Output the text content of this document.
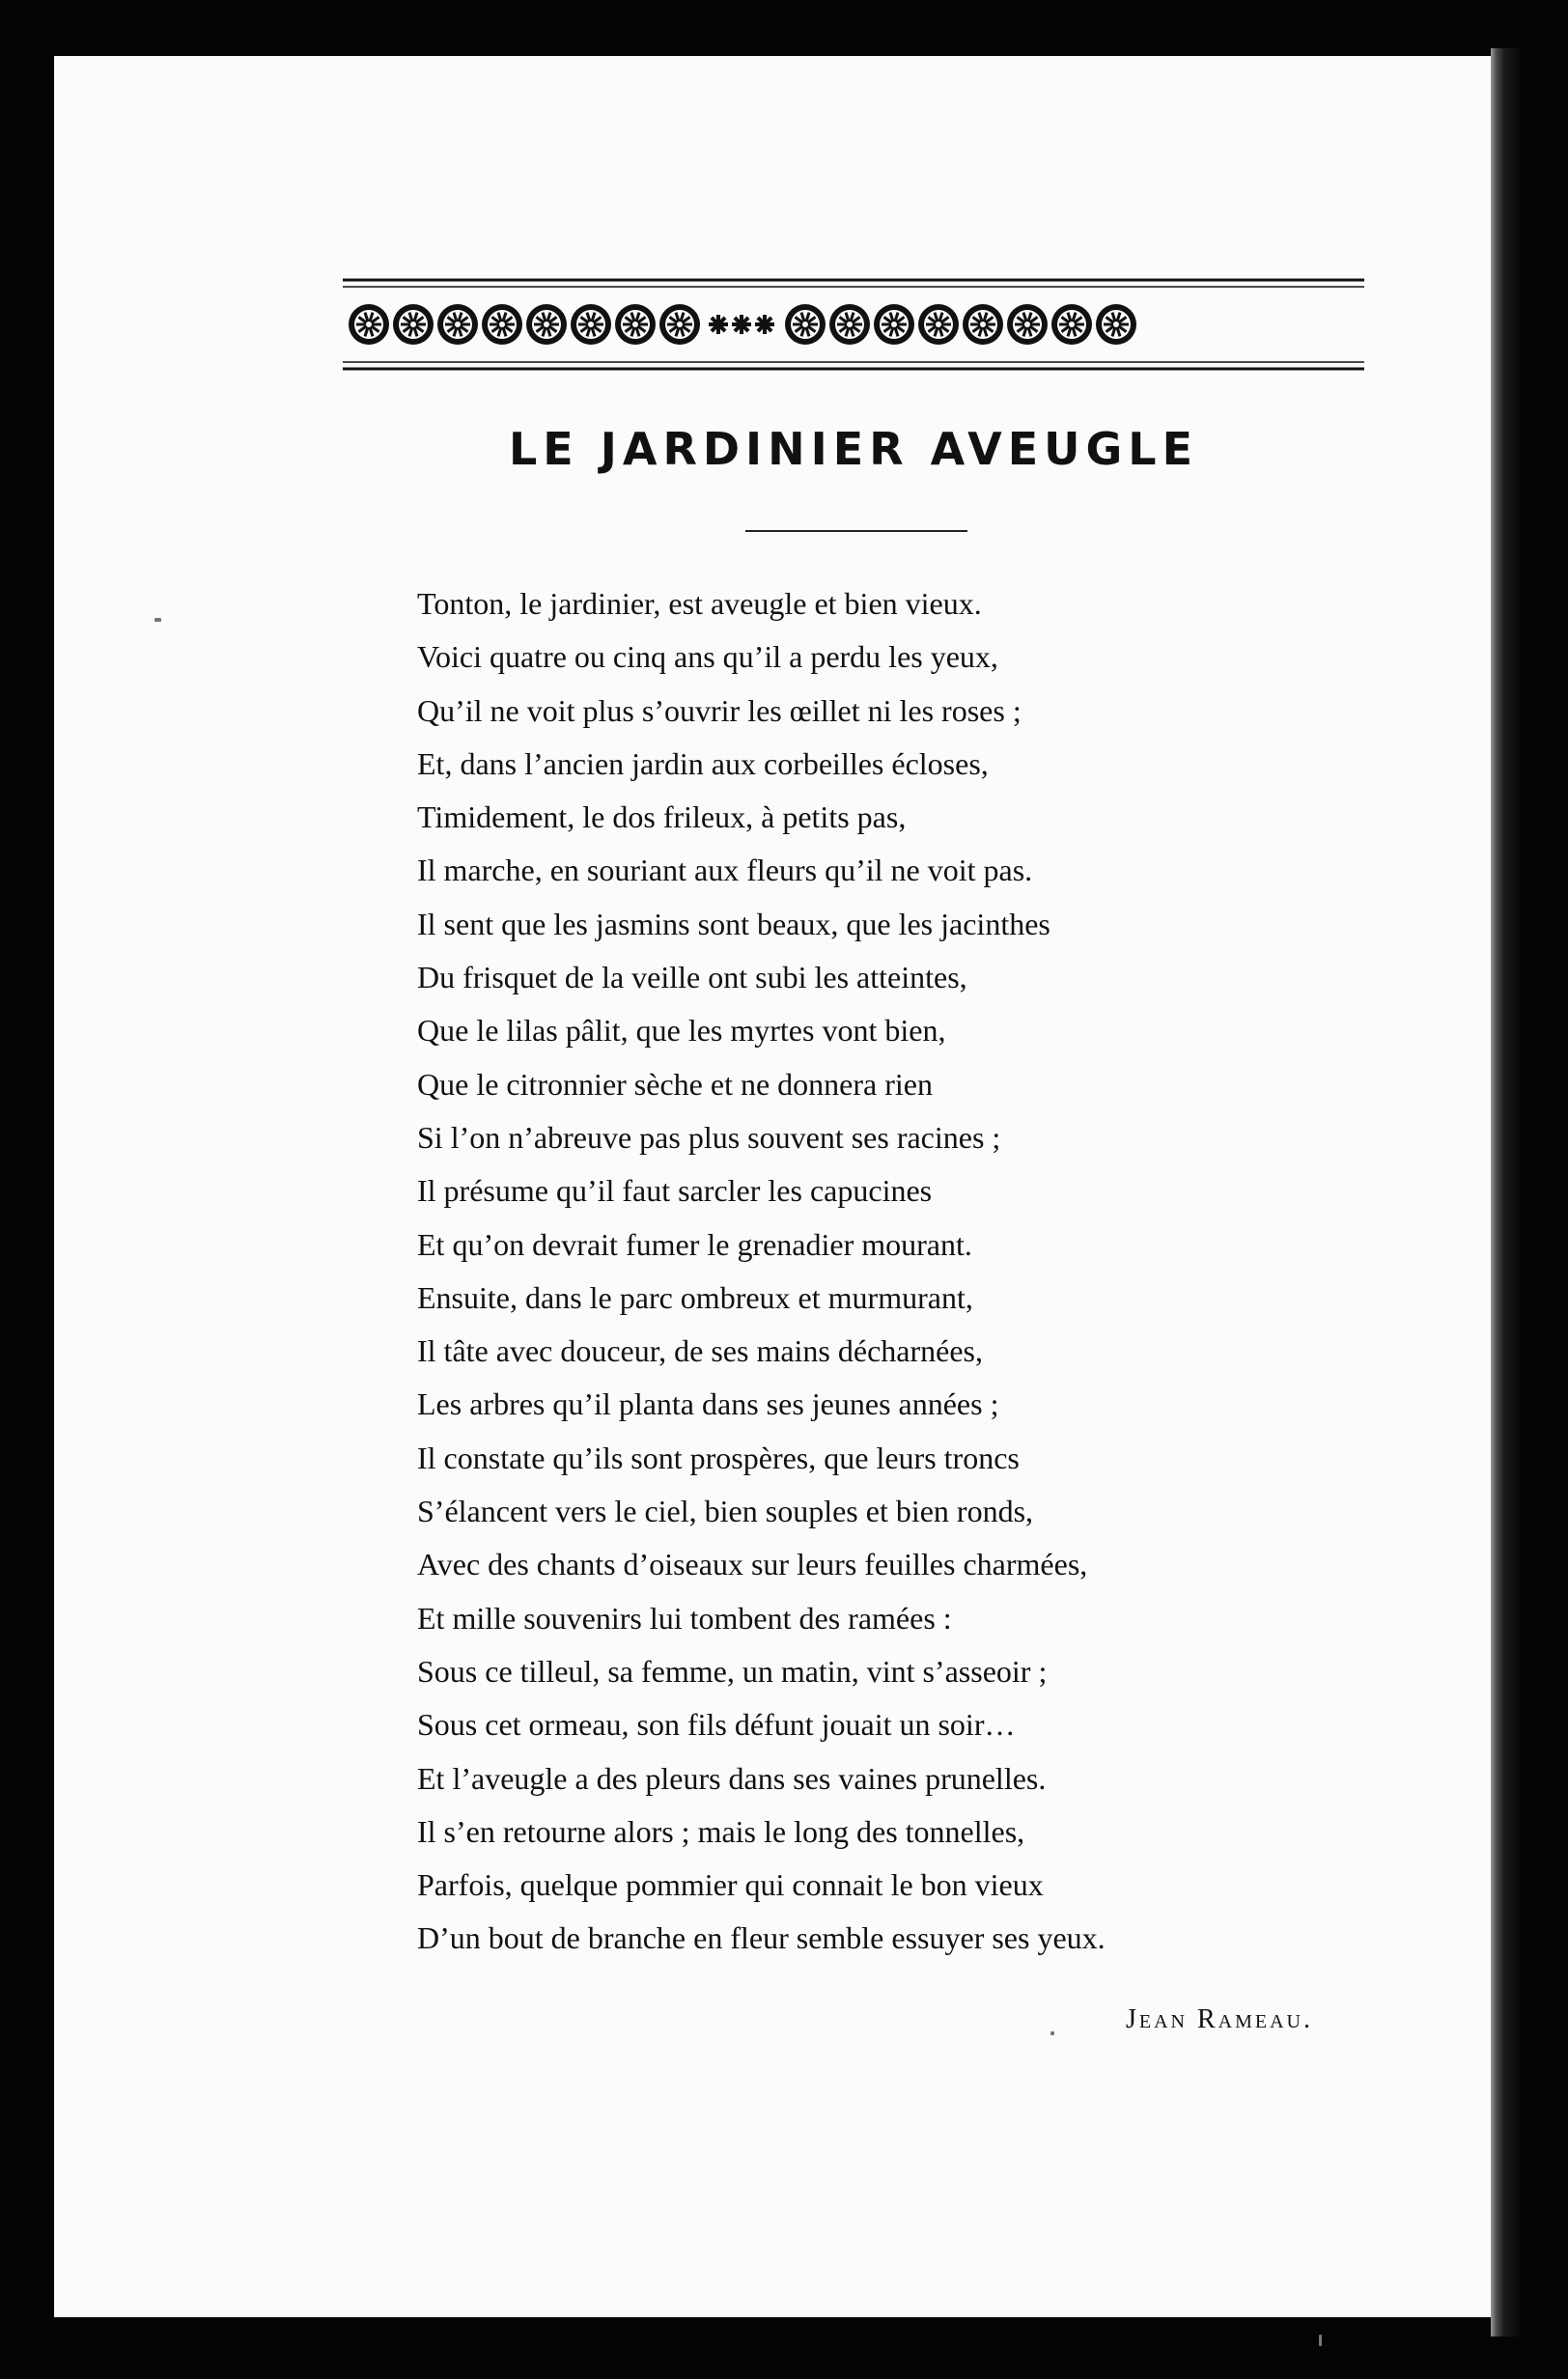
LE JARDINIER AVEUGLE
Tonton, le jardinier, est aveugle et bien vieux.
Voici quatre ou cinq ans qu’il a perdu les yeux,
Qu’il ne voit plus s’ouvrir les œillet ni les roses ;
Et, dans l’ancien jardin aux corbeilles écloses,
Timidement, le dos frileux, à petits pas,
Il marche, en souriant aux fleurs qu’il ne voit pas.
Il sent que les jasmins sont beaux, que les jacinthes
Du frisquet de la veille ont subi les atteintes,
Que le lilas pâlit, que les myrtes vont bien,
Que le citronnier sèche et ne donnera rien
Si l’on n’abreuve pas plus souvent ses racines ;
Il présume qu’il faut sarcler les capucines
Et qu’on devrait fumer le grenadier mourant.
Ensuite, dans le parc ombreux et murmurant,
Il tâte avec douceur, de ses mains décharnées,
Les arbres qu’il planta dans ses jeunes années ;
Il constate qu’ils sont prospères, que leurs troncs
S’élancent vers le ciel, bien souples et bien ronds,
Avec des chants d’oiseaux sur leurs feuilles charmées,
Et mille souvenirs lui tombent des ramées :
Sous ce tilleul, sa femme, un matin, vint s’asseoir ;
Sous cet ormeau, son fils défunt jouait un soir…
Et l’aveugle a des pleurs dans ses vaines prunelles.
Il s’en retourne alors ; mais le long des tonnelles,
Parfois, quelque pommier qui connait le bon vieux
D’un bout de branche en fleur semble essuyer ses yeux.
Jean Rameau.
